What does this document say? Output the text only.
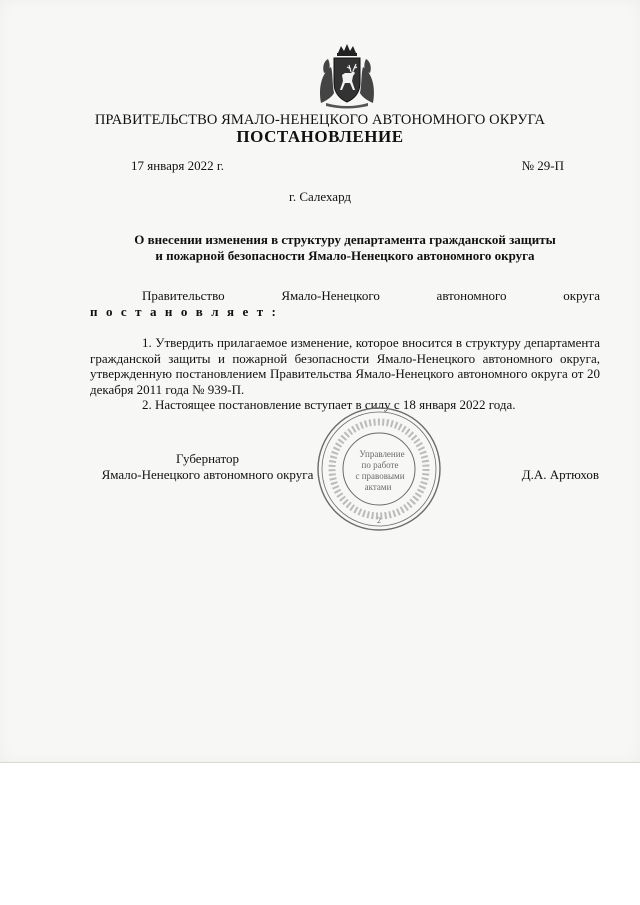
ПРАВИТЕЛЬСТВО ЯМАЛО-НЕНЕЦКОГО АВТОНОМНОГО ОКРУГА
ПОСТАНОВЛЕНИЕ
17 января 2022 г.	№ 29-П
г. Салехард
О внесении изменения в структуру департамента гражданской защиты
и пожарной безопасности Ямало-Ненецкого автономного округа
Правительство	Ямало-Ненецкого	автономного	округа
п о с т а н о в л я е т :

1. Утвердить прилагаемое изменение, которое вносится в структуру департамента гражданской защиты и пожарной безопасности Ямало-Ненецкого автономного округа, утвержденную постановлением Правительства Ямало-Ненецкого автономного округа от 20 декабря 2011 года № 939-П.

2. Настоящее постановление вступает в силу с 18 января 2022 года.

Губернатор
Ямало-Ненецкого автономного округа	Д.А. Артюхов
2
Управление
по работе
с правовыми
актами
